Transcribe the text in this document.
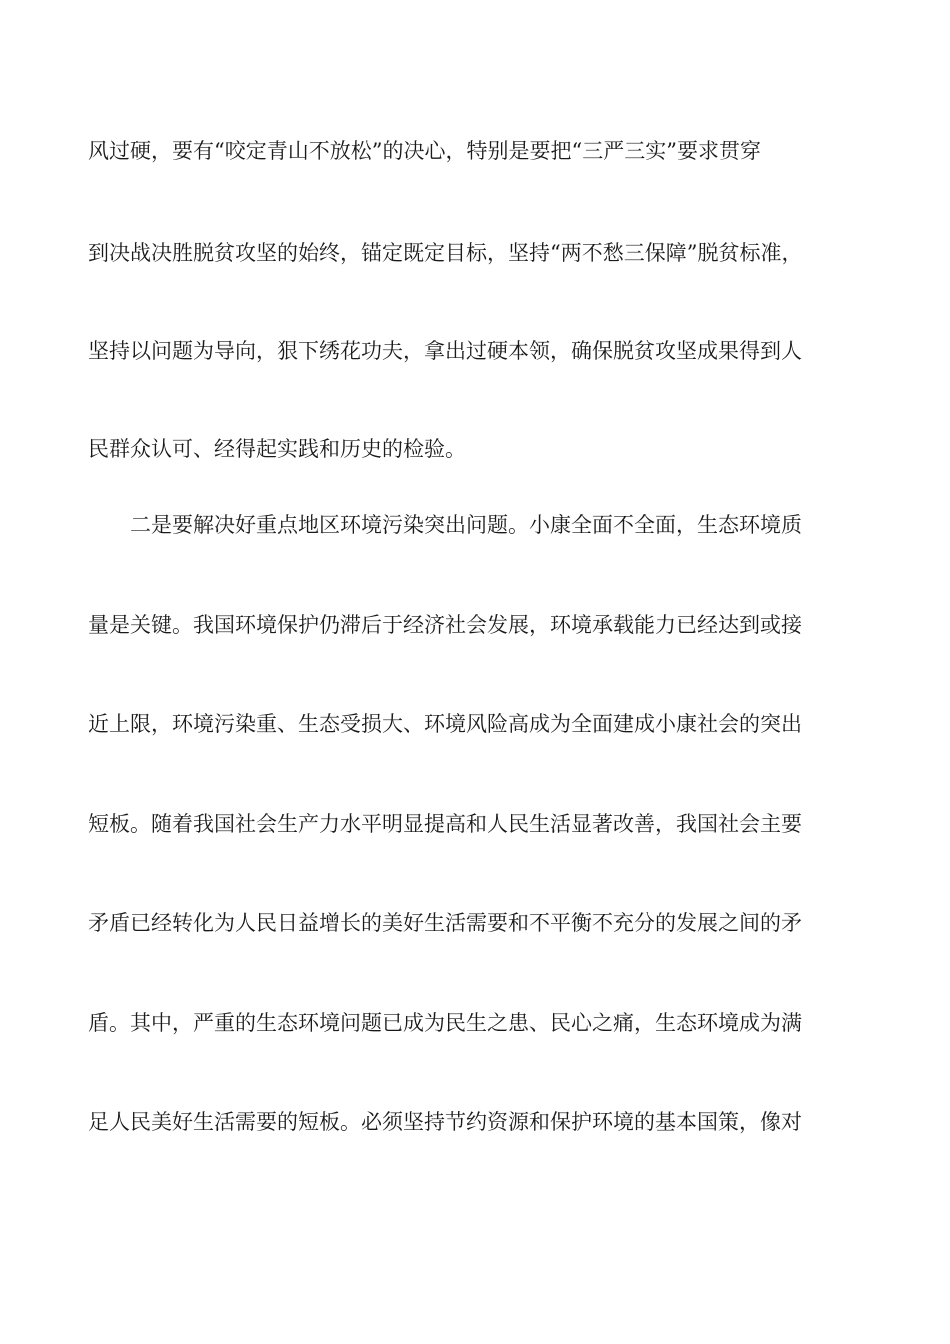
风过硬，要有“咬定青山不放松”的决心，特别是要把“三严三实”要求贯穿

到决战决胜脱贫攻坚的始终，锚定既定目标，坚持“两不愁三保障”脱贫标准，

坚持以问题为导向，狠下绣花功夫，拿出过硬本领，确保脱贫攻坚成果得到人

民群众认可、经得起实践和历史的检验。

二是要解决好重点地区环境污染突出问题。小康全面不全面，生态环境质

量是关键。我国环境保护仍滞后于经济社会发展，环境承载能力已经达到或接

近上限，环境污染重、生态受损大、环境风险高成为全面建成小康社会的突出

短板。随着我国社会生产力水平明显提高和人民生活显著改善，我国社会主要

矛盾已经转化为人民日益增长的美好生活需要和不平衡不充分的发展之间的矛

盾。其中，严重的生态环境问题已成为民生之患、民心之痛，生态环境成为满

足人民美好生活需要的短板。必须坚持节约资源和保护环境的基本国策，像对
